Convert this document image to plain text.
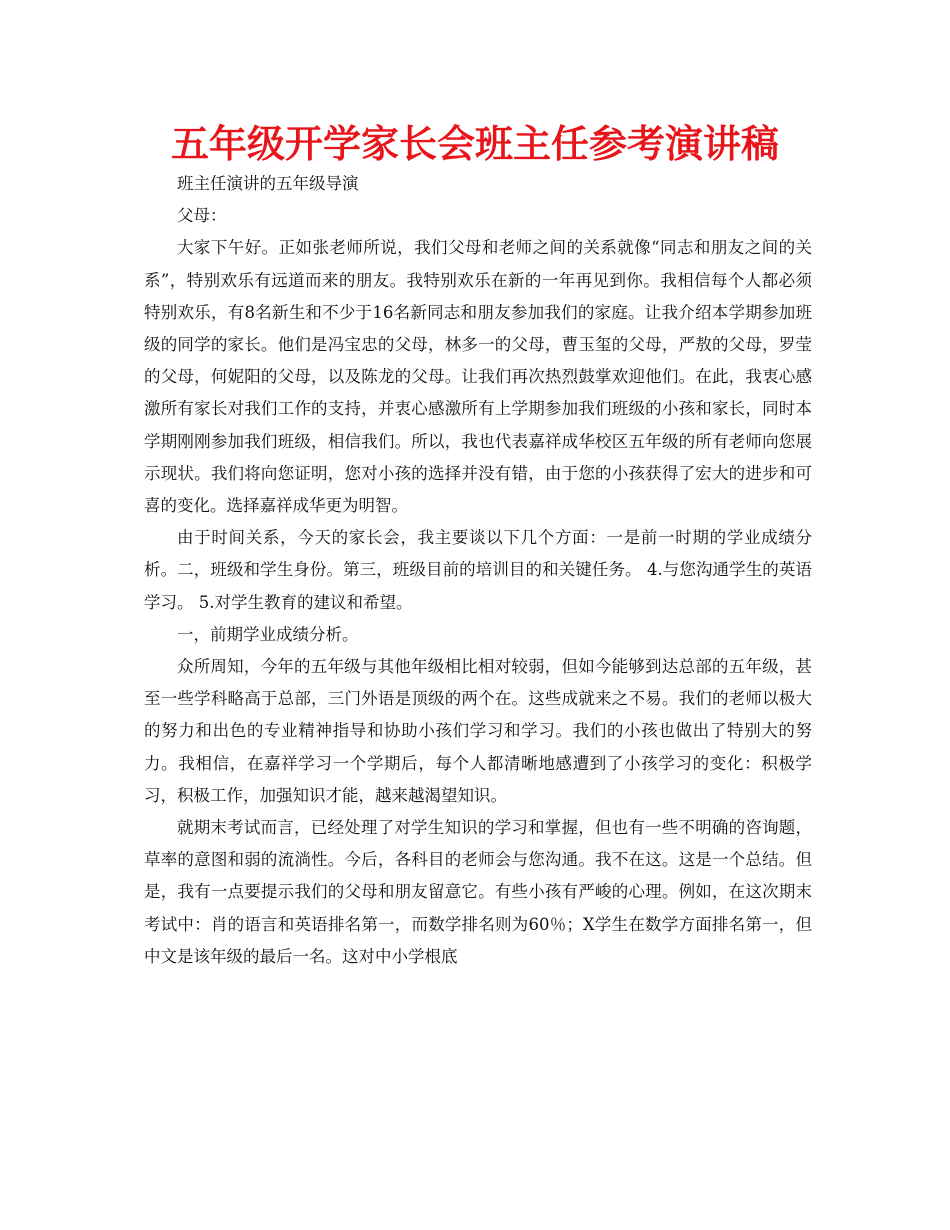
五年级开学家长会班主任参考演讲稿

班主任演讲的五年级导演

父母：

大家下午好。正如张老师所说，我们父母和老师之间的关系就像“同志和朋友之间的关系”，特别欢乐有远道而来的朋友。我特别欢乐在新的一年再见到你。我相信每个人都必须特别欢乐，有8名新生和不少于16名新同志和朋友参加我们的家庭。让我介绍本学期参加班级的同学的家长。他们是冯宝忠的父母，林多一的父母，曹玉玺的父母，严敖的父母，罗莹的父母，何妮阳的父母，以及陈龙的父母。让我们再次热烈鼓掌欢迎他们。在此，我衷心感激所有家长对我们工作的支持，并衷心感激所有上学期参加我们班级的小孩和家长，同时本学期刚刚参加我们班级，相信我们。所以，我也代表嘉祥成华校区五年级的所有老师向您展示现状。我们将向您证明，您对小孩的选择并没有错，由于您的小孩获得了宏大的进步和可喜的变化。选择嘉祥成华更为明智。

由于时间关系，今天的家长会，我主要谈以下几个方面：一是前一时期的学业成绩分析。二，班级和学生身份。第三，班级目前的培训目的和关键任务。 4.与您沟通学生的英语学习。 5.对学生教育的建议和希望。

一，前期学业成绩分析。

众所周知，今年的五年级与其他年级相比相对较弱，但如今能够到达总部的五年级，甚至一些学科略高于总部，三门外语是顶级的两个在。这些成就来之不易。我们的老师以极大的努力和出色的专业精神指导和协助小孩们学习和学习。我们的小孩也做出了特别大的努力。我相信，在嘉祥学习一个学期后，每个人都清晰地感遭到了小孩学习的变化：积极学习，积极工作，加强知识才能，越来越渴望知识。

就期末考试而言，已经处理了对学生知识的学习和掌握，但也有一些不明确的咨询题，草率的意图和弱的流淌性。今后，各科目的老师会与您沟通。我不在这。这是一个总结。但是，我有一点要提示我们的父母和朋友留意它。有些小孩有严峻的心理。例如，在这次期末考试中：肖的语言和英语排名第一，而数学排名则为60％；X学生在数学方面排名第一，但中文是该年级的最后一名。这对中小学根底
